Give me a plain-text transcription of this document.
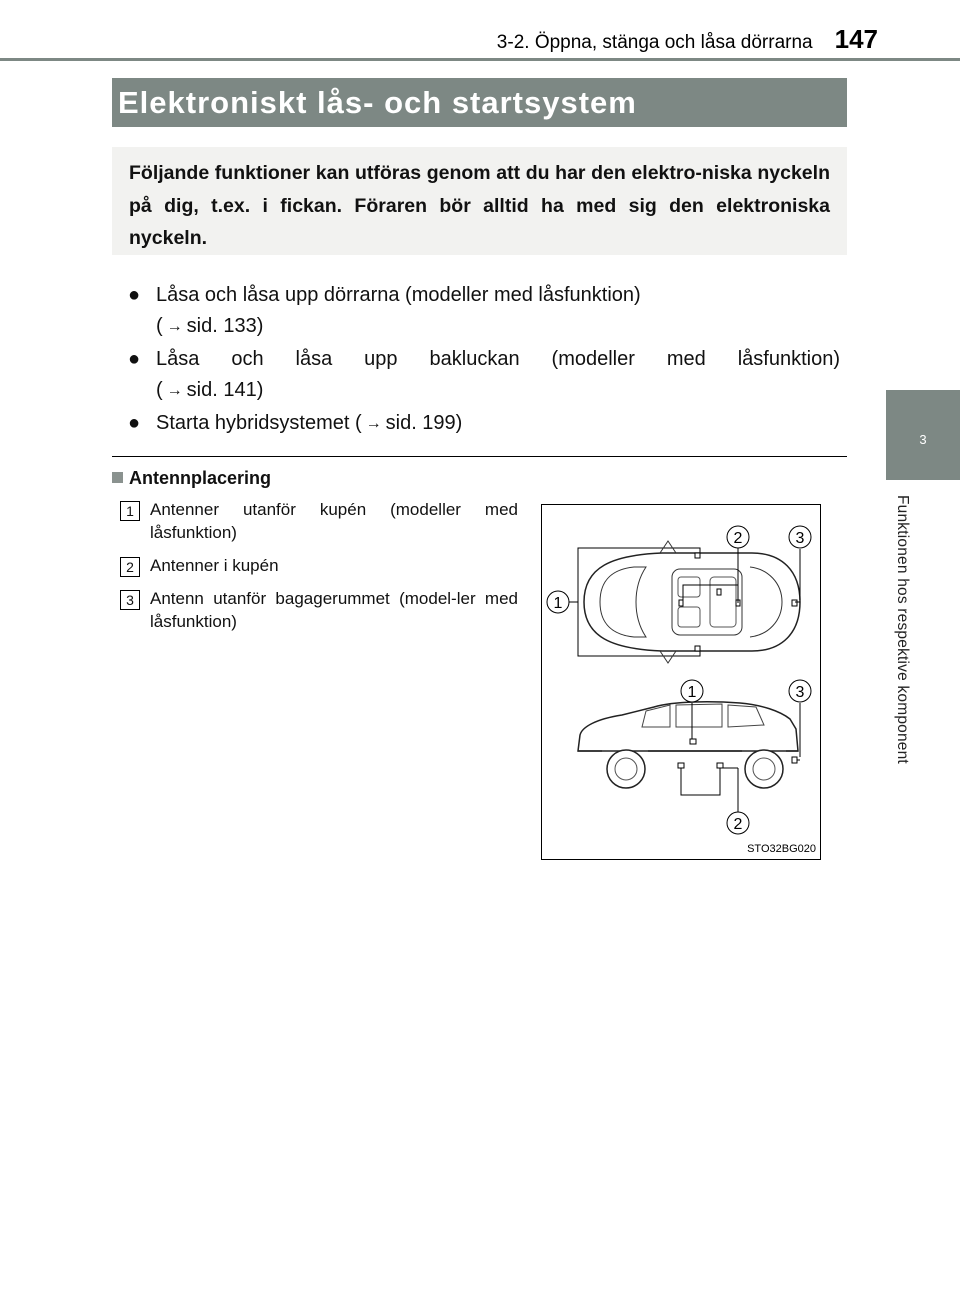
3-2. Öppna, stänga och låsa dörrarna 147
3
Funktionen hos respektive komponent
Elektroniskt lås- och startsystem
Följande funktioner kan utföras genom att du har den elektro-niska nyckeln på dig, t.ex. i fickan. Föraren bör alltid ha med sig den elektroniska nyckeln.
● Låsa och låsa upp dörrarna (modeller med låsfunktion)
( → sid. 133)
● Låsa och låsa upp bakluckan (modeller med låsfunktion)
( → sid. 141)
● Starta hybridsystemet ( → sid. 199)
Antennplacering
1 Antenner utanför kupén (modeller med låsfunktion)
2 Antenner i kupén
3 Antenn utanför bagagerummet (model-ler med låsfunktion)
2	3
1
1	3
2
STO32BG020
